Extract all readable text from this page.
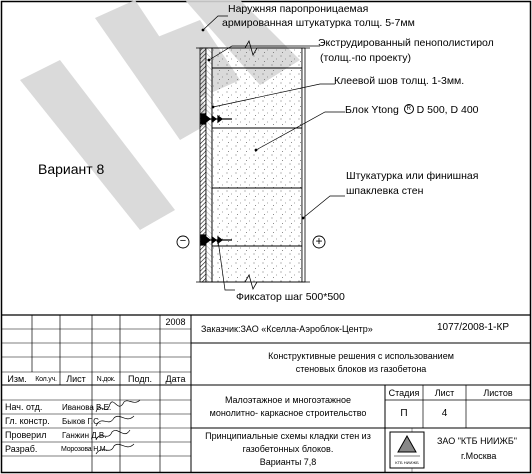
Вариант 8
Наружняя паропроницаемая
армированная штукатурка толщ. 5-7мм
Экструдированный пенополистирол
(толщ.-по проекту)
Клеевой шов толщ. 1-3мм.
Блок Ytong R D 500, D 400
Штукатурка или финишная
шпаклевка стен
Фиксатор шаг 500*500
−	+
2008
Заказчик:ЗАО «Кселла-Аэроблок-Центр»	1077/2008-1-КР
Конструктивные решения с использованием
стеновых блоков из газобетона
Изм.	Кол.уч.	Лист	N.док.	Подп.	Дата
Нач. отд. Иванова В.Е.
Гл. констр. Быков Г.С.
Проверил Ганжин Д.В.
Разраб.	Морозова Н.М.
Малоэтажное и многоэтажное
монолитно- каркасное строительство
Принципиальные схемы кладки стен из
газобетонных блоков.
Варианты 7,8
Стадия	Лист	Листов
П	4
КТБ НИИЖБ
ЗАО "КТБ НИИЖБ"
г.Москва
